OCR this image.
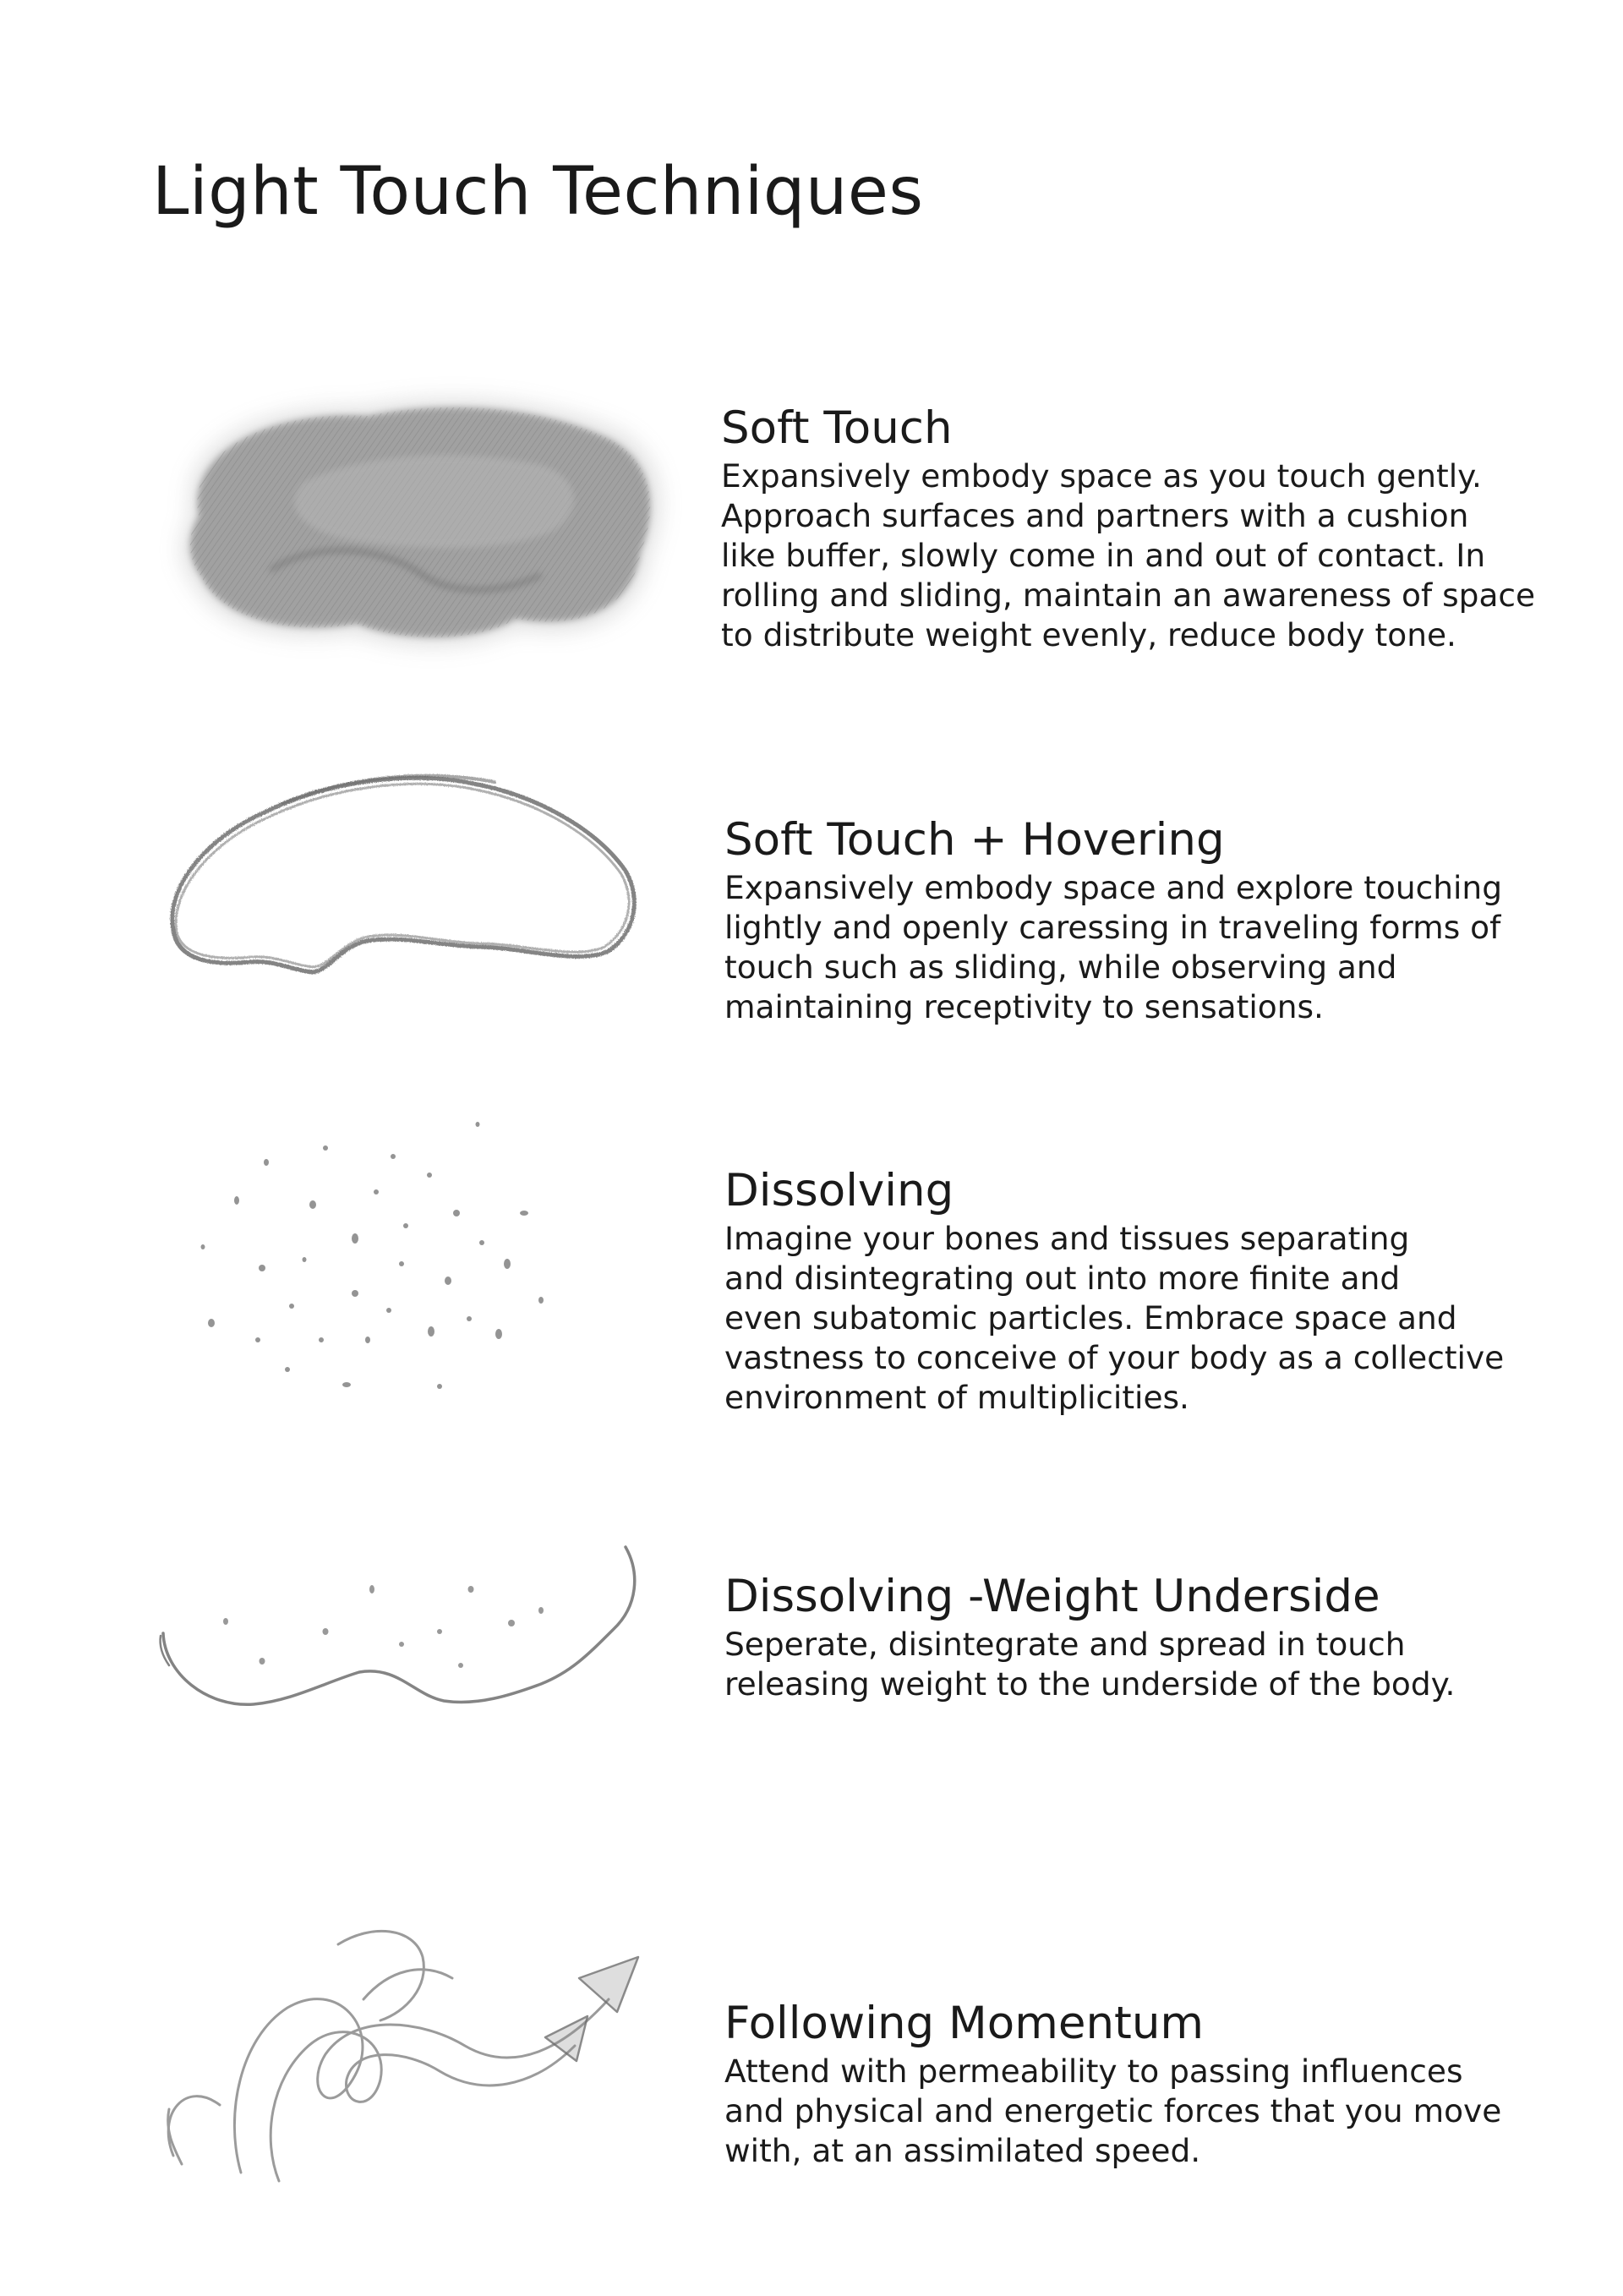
Light Touch Techniques
Soft Touch

Expansively embody space as you touch gently.
Approach surfaces and partners with a cushion
like buffer, slowly come in and out of contact. In
rolling and sliding, maintain an awareness of space
to distribute weight evenly, reduce body tone.

Soft Touch + Hovering

Expansively embody space and explore touching
lightly and openly caressing in traveling forms of
touch such as sliding, while observing and
maintaining receptivity to sensations.

Dissolving

Imagine your bones and tissues separating
and disintegrating out into more finite and
even subatomic particles. Embrace space and
vastness to conceive of your body as a collective
environment of multiplicities.

Dissolving -Weight Underside

Seperate, disintegrate and spread in touch
releasing weight to the underside of the body.

Following Momentum

Attend with permeability to passing influences
and physical and energetic forces that you move
with, at an assimilated speed.
